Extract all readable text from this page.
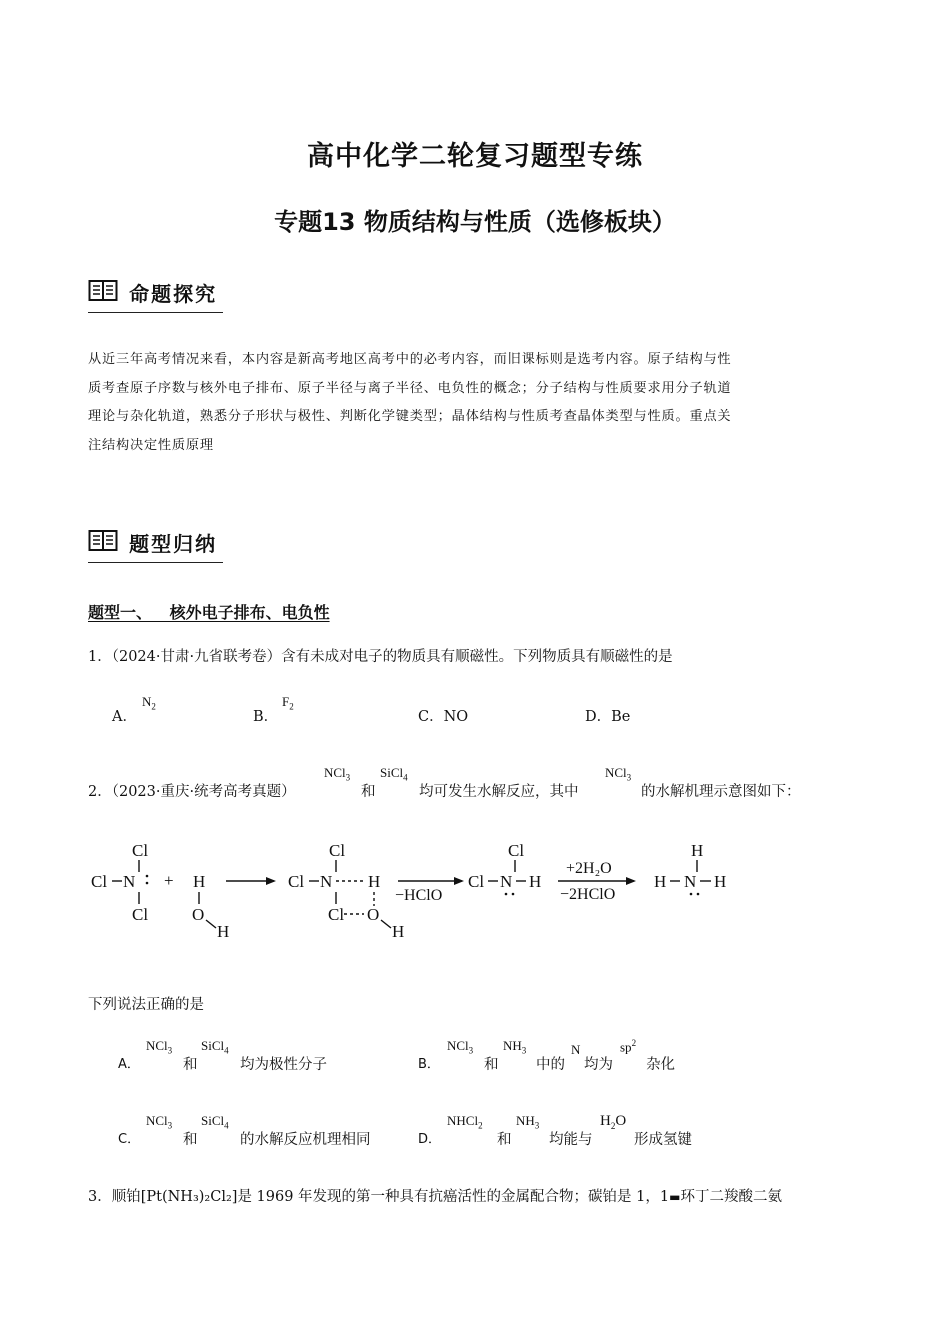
高中化学二轮复习题型专练
专题13 物质结构与性质（选修板块）
命题探究
从近三年高考情况来看，本内容是新高考地区高考中的必考内容，而旧课标则是选考内容。原子结构与性
质考查原子序数与核外电子排布、原子半径与离子半径、电负性的概念；分子结构与性质要求用分子轨道
理论与杂化轨道，熟悉分子形状与极性、判断化学键类型；晶体结构与性质考查晶体类型与性质。重点关
注结构决定性质原理
题型归纳
题型一、 核外电子排布、电负性
1．（2024·甘肃·九省联考卷）含有未成对电子的物质具有顺磁性。下列物质具有顺磁性的是
A．
$N_2$
B．
$F_2$
C．NO	D．Be
2．（2023·重庆·统考高考真题）
NCl$_3$
和
SiCl$_4$
均可发生水解反应，其中
NCl$_3$
的水解机理示意图如下：
Cl
Cl N
Cl
+ H
O
H
Cl
Cl N H
Cl O
H
−HClO
Cl
Cl N H
+2H₂O
−2HClO
H
H N H
下列说法正确的是
A．
NCl$_3$
和
SiCl$_4$
均为极性分子	B．
NCl$_3$
和
$NH_3$
中的
N
均为
$sp^2$
杂化
C．
NCl$_3$
和
SiCl$_4$
的水解反应机理相同	D．
NHCl$_2$
和
$NH_3$
均能与
$H_2O$
形成氢键
3．顺铂[Pt(NH₃)₂Cl₂]是 1969 年发现的第一种具有抗癌活性的金属配合物；碳铂是 1，1▬环丁二羧酸二氨
